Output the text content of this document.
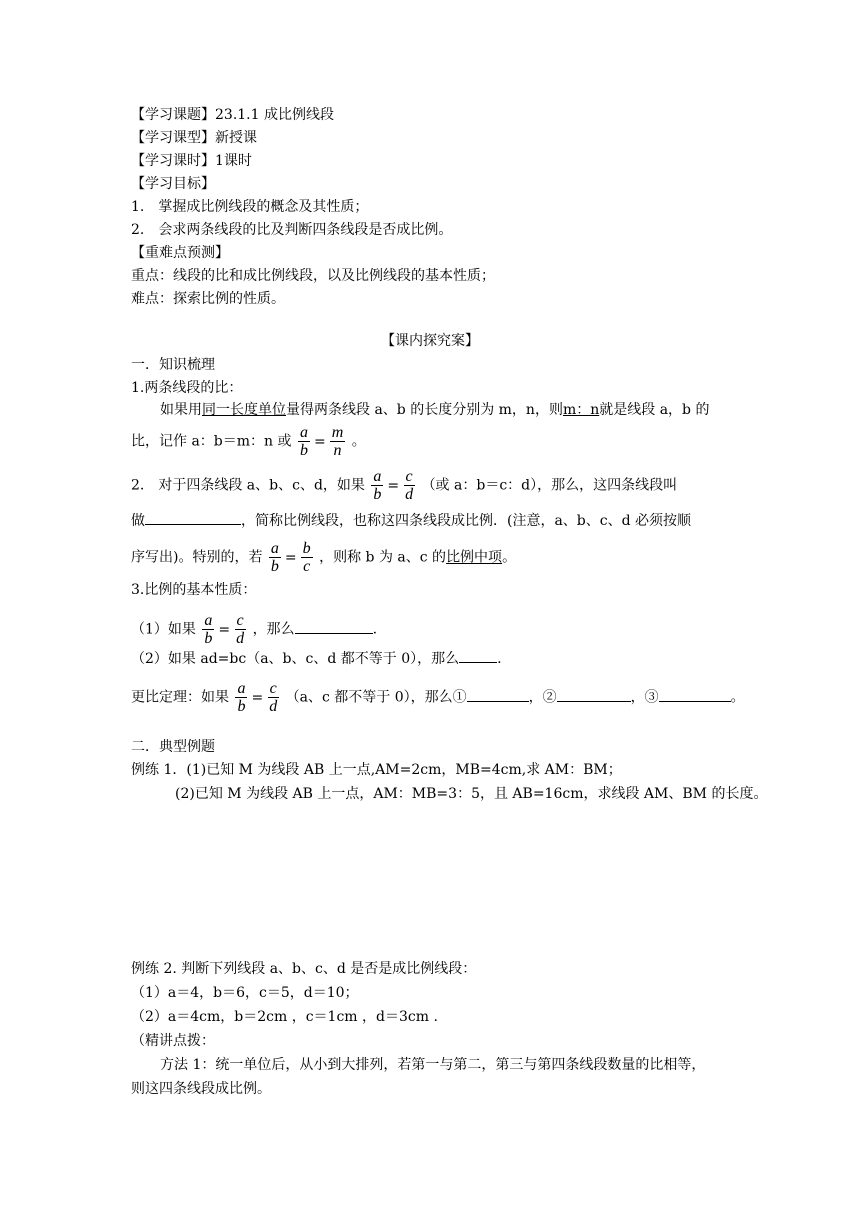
【学习课题】23.1.1 成比例线段
【学习课型】新授课
【学习课时】1课时
【学习目标】
1.　掌握成比例线段的概念及其性质；
2.　会求两条线段的比及判断四条线段是否成比例。
【重难点预测】
重点：线段的比和成比例线段，以及比例线段的基本性质；
难点：探索比例的性质。
【课内探究案】
一．知识梳理
1.两条线段的比：
如果用同一长度单位量得两条线段 a、b 的长度分别为 m，n，则m：n就是线段 a，b 的
比，记作 a：b＝m：n 或 $\frac{a}{b} = \frac{m}{n}$ 。
2.　对于四条线段 a、b、c、d，如果 $\frac{a}{b} = \frac{c}{d}$ （或 a：b＝c：d），那么，这四条线段叫
做	，简称比例线段，也称这四条线段成比例．(注意，a、b、c、d 必须按顺
序写出)。特别的，若 $\frac{a}{b} = \frac{b}{c}$ ，则称 b 为 a、c 的比例中项。
3.比例的基本性质：
（1）如果 $\frac{a}{b} = \frac{c}{d}$ ，那么	.
（2）如果 ad=bc（a、b、c、d 都不等于 0），那么	.
更比定理：如果 $\frac{a}{b} = \frac{c}{d} (a$、c 都不等于 0），那么①	，②	，③	。
二．典型例题
例练 1．(1)已知 M 为线段 AB 上一点,AM=2cm，MB=4cm,求 AM：BM；
(2)已知 M 为线段 AB 上一点，AM：MB=3：5，且 AB=16cm，求线段 AM、BM 的长度。
例练 2. 判断下列线段 a、b、c、d 是否是成比例线段：
（1）a＝4，b＝6，c＝5，d＝10；
（2）a＝4cm，b＝2cm ，c＝1cm ，d＝3cm .
（精讲点拨：
方法 1：统一单位后，从小到大排列，若第一与第二，第三与第四条线段数量的比相等，
则这四条线段成比例。
